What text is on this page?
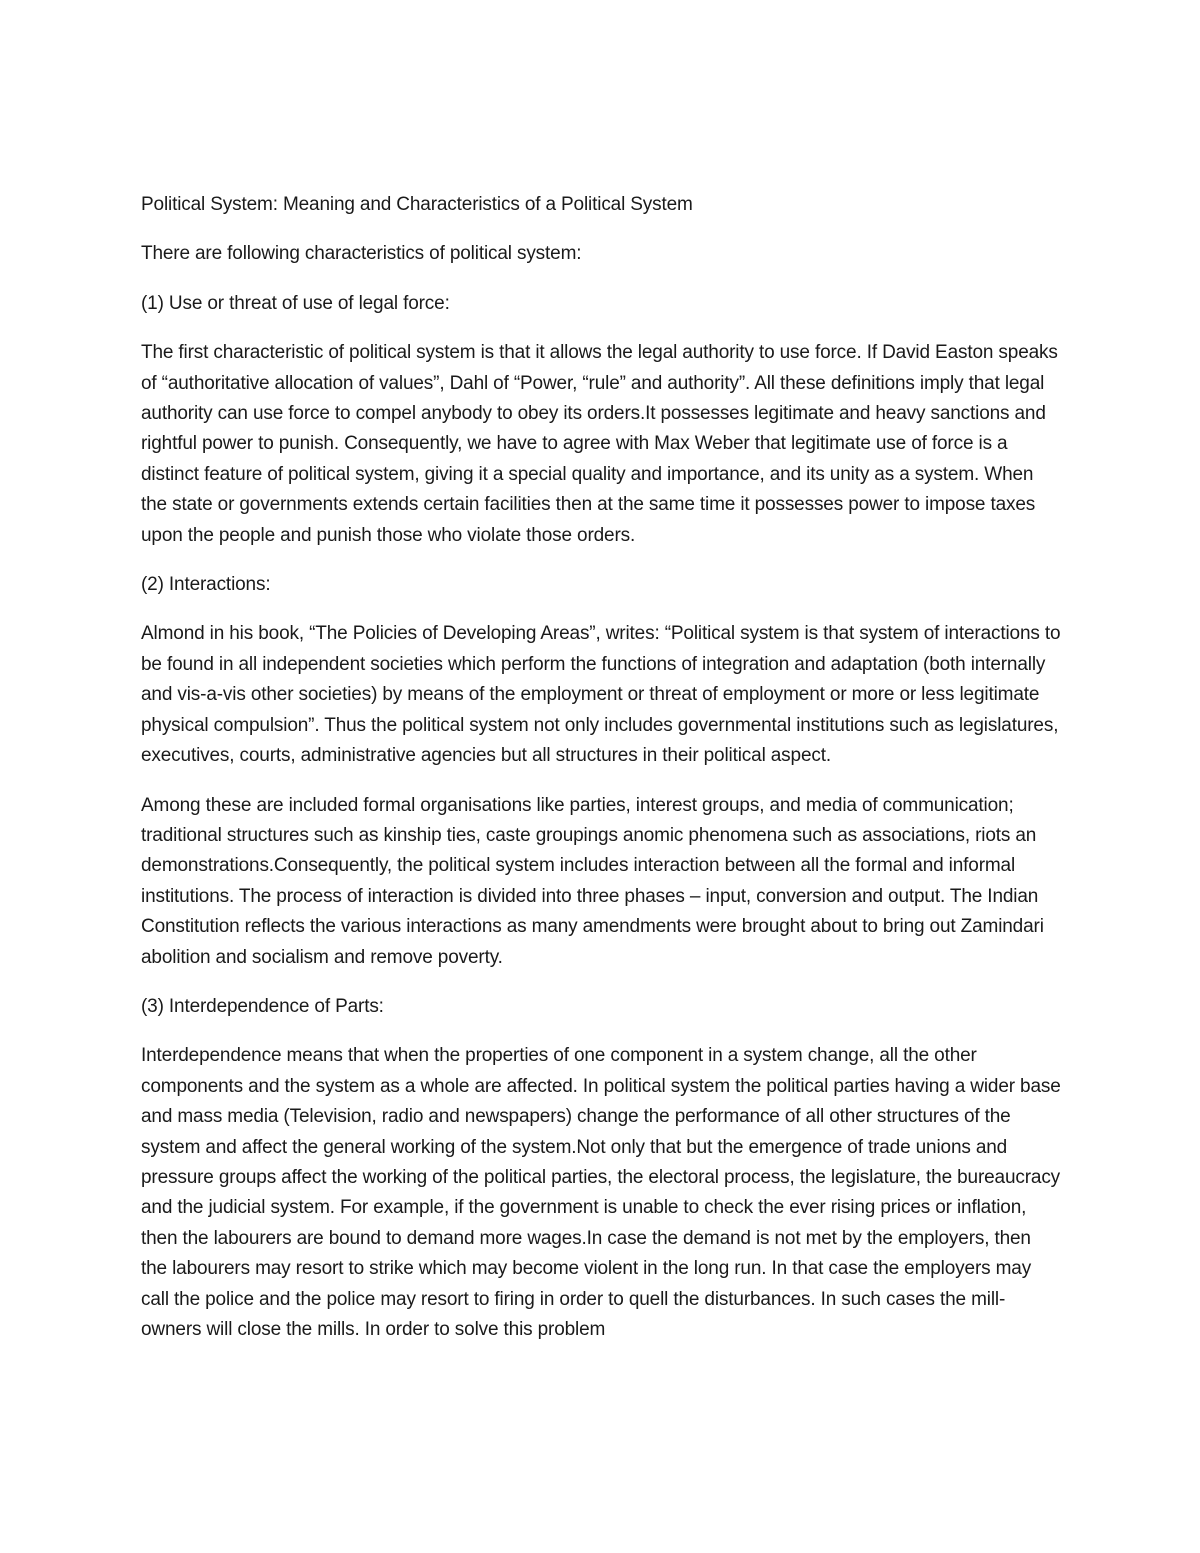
Political System: Meaning and Characteristics of a Political System

There are following characteristics of political system:

(1) Use or threat of use of legal force:

The first characteristic of political system is that it allows the legal authority to use force. If David Easton speaks of “authoritative allocation of values”, Dahl of “Power, “rule” and authority”. All these definitions imply that legal authority can use force to compel anybody to obey its orders.It possesses legitimate and heavy sanctions and rightful power to punish. Consequently, we have to agree with Max Weber that legitimate use of force is a distinct feature of political system, giving it a special quality and importance, and its unity as a system. When the state or governments extends certain facilities then at the same time it possesses power to impose taxes upon the people and punish those who violate those orders.

(2) Interactions:

Almond in his book, “The Policies of Developing Areas”, writes: “Political system is that system of interactions to be found in all independent societies which perform the functions of integration and adaptation (both internally and vis-a-vis other societies) by means of the employment or threat of employment or more or less legitimate physical compulsion”. Thus the political system not only includes governmental institutions such as legislatures, executives, courts, administrative agencies but all structures in their political aspect.

Among these are included formal organisations like parties, interest groups, and media of communication; traditional structures such as kinship ties, caste groupings anomic phenomena such as associations, riots an demonstrations.Consequently, the political system includes interaction between all the formal and informal institutions. The process of interaction is divided into three phases – input, conversion and output. The Indian Constitution reflects the various interactions as many amendments were brought about to bring out Zamindari abolition and socialism and remove poverty.

(3) Interdependence of Parts:

Interdependence means that when the properties of one component in a system change, all the other components and the system as a whole are affected. In political system the political parties having a wider base and mass media (Television, radio and newspapers) change the performance of all other structures of the system and affect the general working of the system.Not only that but the emergence of trade unions and pressure groups affect the working of the political parties, the electoral process, the legislature, the bureaucracy and the judicial system. For example, if the government is unable to check the ever rising prices or inflation, then the labourers are bound to demand more wages.In case the demand is not met by the employers, then the labourers may resort to strike which may become violent in the long run. In that case the employers may call the police and the police may resort to firing in order to quell the disturbances. In such cases the mill-owners will close the mills. In order to solve this problem
